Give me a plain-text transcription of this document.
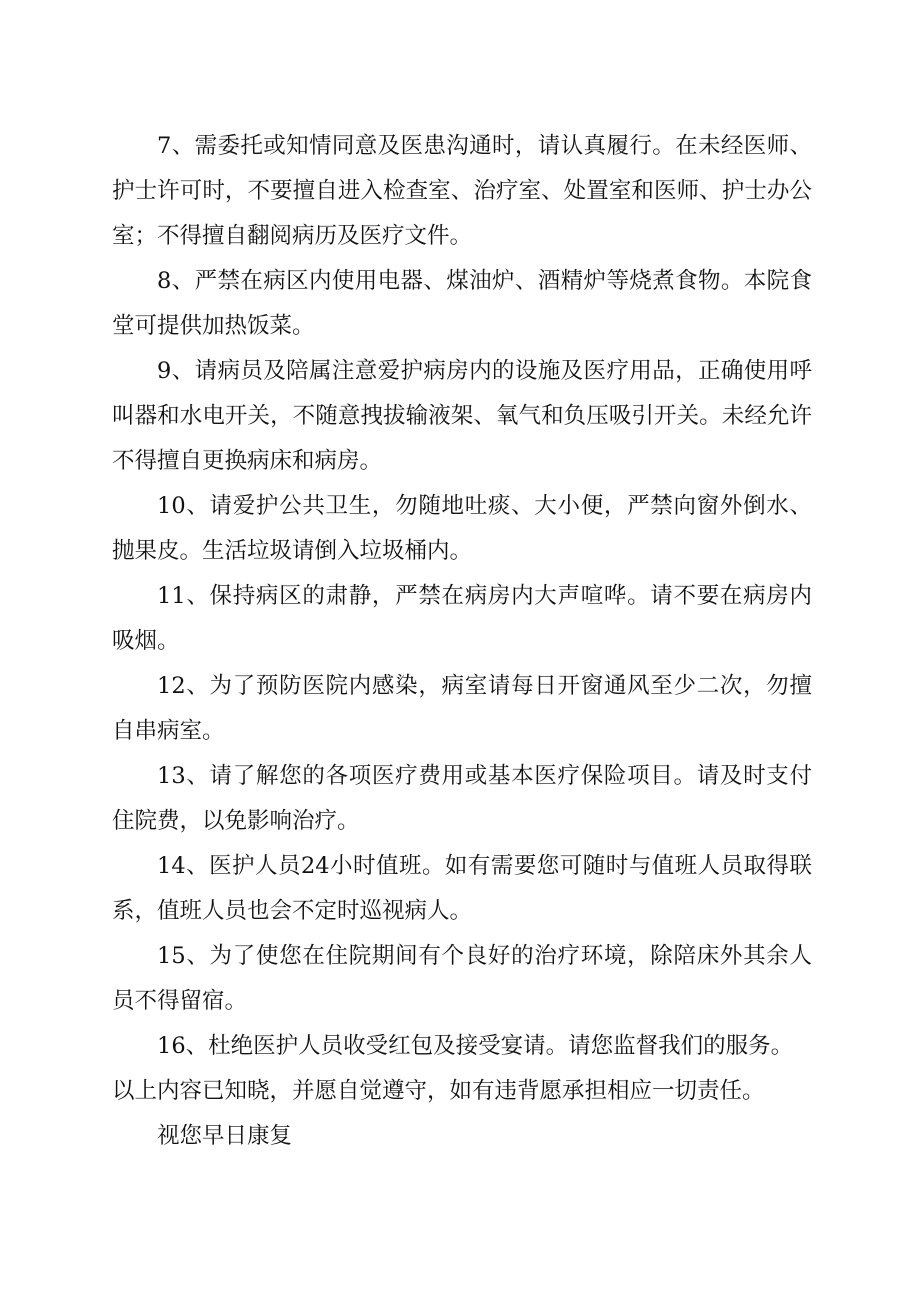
7、需委托或知情同意及医患沟通时，请认真履行。在未经医师、护士许可时，不要擅自进入检查室、治疗室、处置室和医师、护士办公室；不得擅自翻阅病历及医疗文件。

8、严禁在病区内使用电器、煤油炉、酒精炉等烧煮食物。本院食堂可提供加热饭菜。

9、请病员及陪属注意爱护病房内的设施及医疗用品，正确使用呼叫器和水电开关，不随意拽拔输液架、氧气和负压吸引开关。未经允许不得擅自更换病床和病房。

10、请爱护公共卫生，勿随地吐痰、大小便，严禁向窗外倒水、抛果皮。生活垃圾请倒入垃圾桶内。

11、保持病区的肃静，严禁在病房内大声喧哗。请不要在病房内吸烟。

12、为了预防医院内感染，病室请每日开窗通风至少二次，勿擅自串病室。

13、请了解您的各项医疗费用或基本医疗保险项目。请及时支付住院费，以免影响治疗。

14、医护人员24小时值班。如有需要您可随时与值班人员取得联系，值班人员也会不定时巡视病人。

15、为了使您在住院期间有个良好的治疗环境，除陪床外其余人员不得留宿。

16、杜绝医护人员收受红包及接受宴请。请您监督我们的服务。

以上内容已知晓，并愿自觉遵守，如有违背愿承担相应一切责任。

视您早日康复
